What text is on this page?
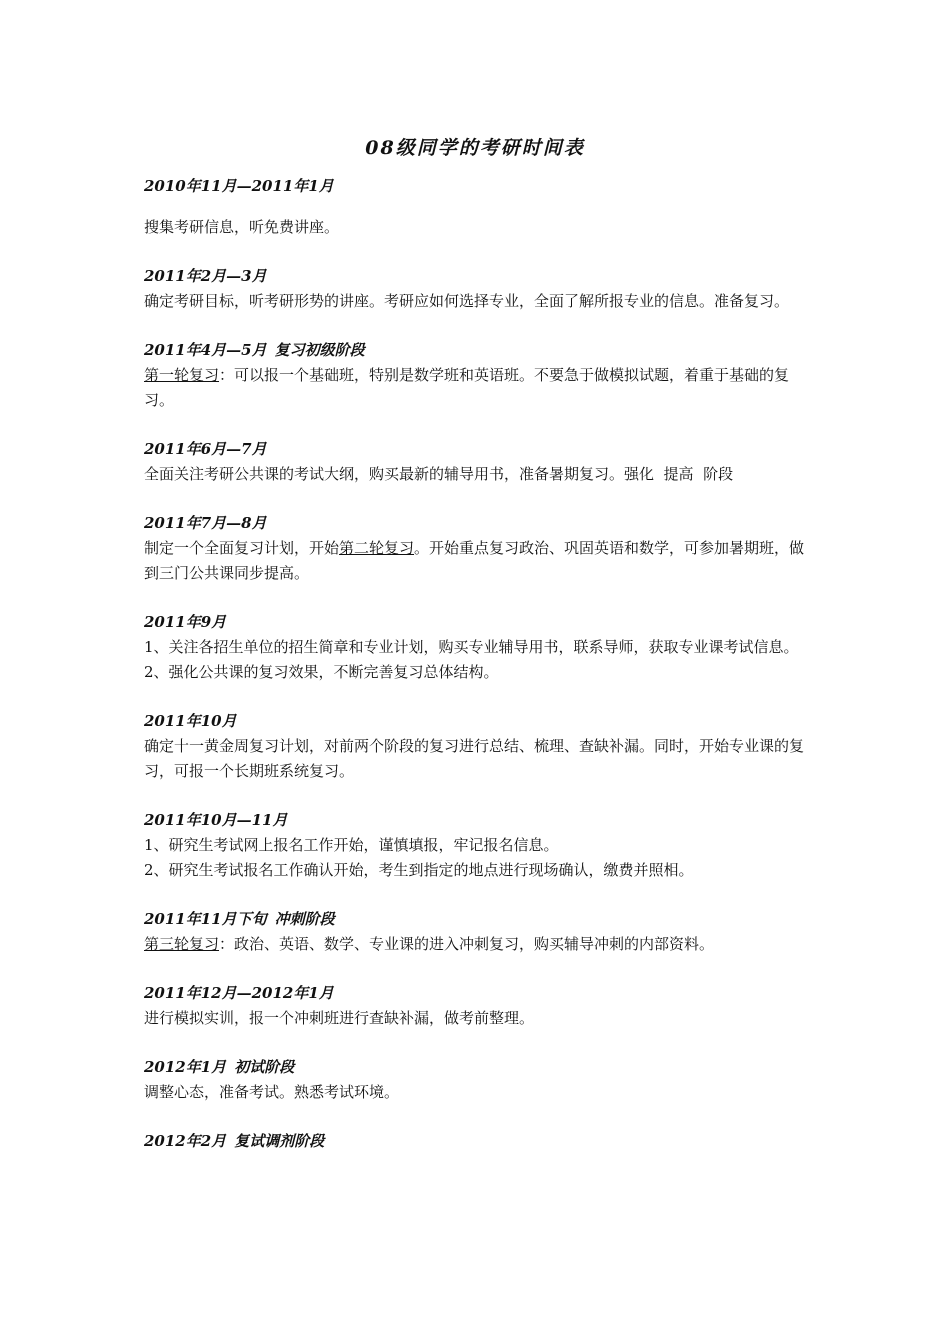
08级同学的考研时间表
2010年11月—2011年1月
搜集考研信息，听免费讲座。
2011年2月—3月
确定考研目标，听考研形势的讲座。考研应如何选择专业，全面了解所报专业的信息。准备复习。
2011年4月—5月 复习初级阶段
第一轮复习：可以报一个基础班，特别是数学班和英语班。不要急于做模拟试题，着重于基础的复习。
2011年6月—7月
全面关注考研公共课的考试大纲，购买最新的辅导用书，准备暑期复习。强化  提高  阶段
2011年7月—8月
制定一个全面复习计划，开始第二轮复习。开始重点复习政治、巩固英语和数学，可参加暑期班，做到三门公共课同步提高。
2011年9月
1、关注各招生单位的招生简章和专业计划，购买专业辅导用书，联系导师，获取专业课考试信息。
2、强化公共课的复习效果，不断完善复习总体结构。
2011年10月
确定十一黄金周复习计划，对前两个阶段的复习进行总结、梳理、查缺补漏。同时，开始专业课的复习，可报一个长期班系统复习。
2011年10月—11月
1、研究生考试网上报名工作开始，谨慎填报，牢记报名信息。
2、研究生考试报名工作确认开始，考生到指定的地点进行现场确认，缴费并照相。
2011年11月下旬 冲刺阶段
第三轮复习：政治、英语、数学、专业课的进入冲刺复习，购买辅导冲刺的内部资料。
2011年12月—2012年1月
进行模拟实训，报一个冲刺班进行查缺补漏，做考前整理。
2012年1月 初试阶段
调整心态，准备考试。熟悉考试环境。
2012年2月 复试调剂阶段
